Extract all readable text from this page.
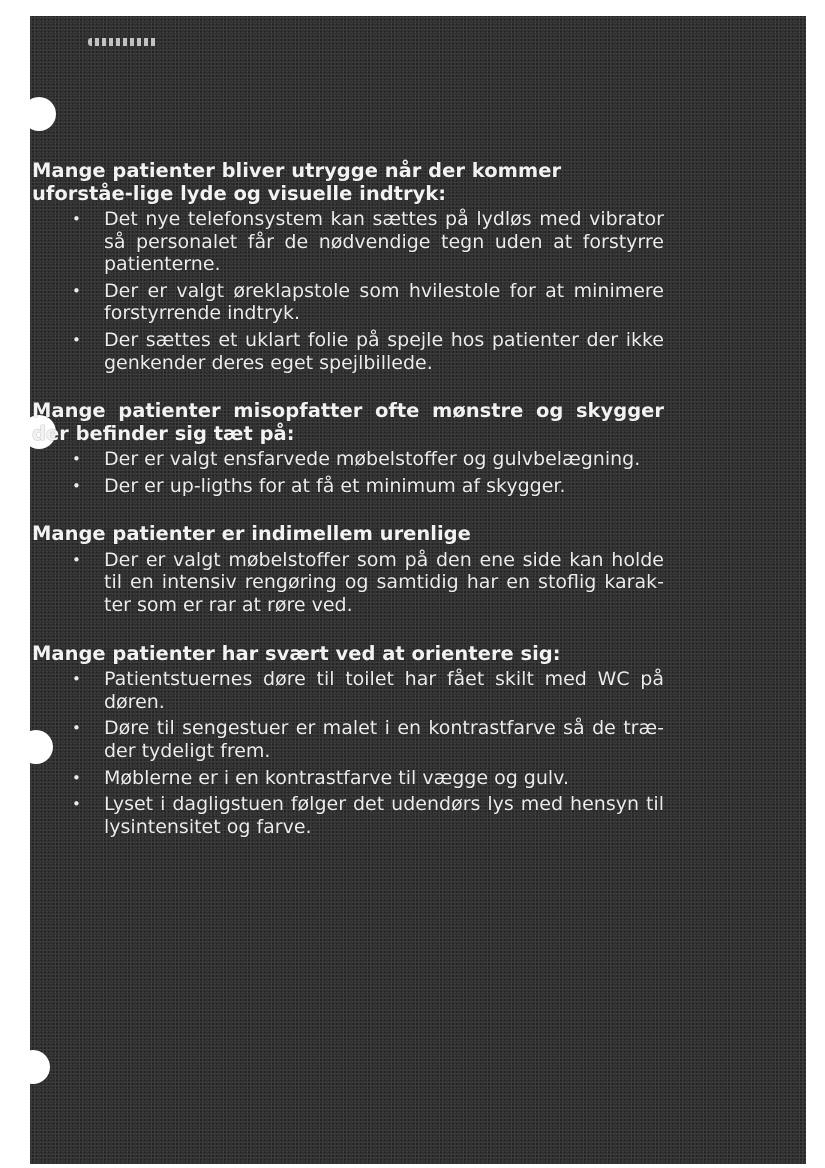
Mange patienter bliver utrygge når der kommer uforståe-lige lyde og visuelle indtryk:

•	Det nye telefonsystem kan sættes på lydløs med vibrator så personalet får de nødvendige tegn uden at forstyrre patienterne.
•	Der er valgt øreklapstole som hvilestole for at minimere forstyrrende indtryk.
•	Der sættes et uklart folie på spejle hos patienter der ikke genkender deres eget spejlbillede.

Mange patienter misopfatter ofte mønstre og skygger der befinder sig tæt på:

•	Der er valgt ensfarvede møbelstoffer og gulvbelægning.
•	Der er up-ligths for at få et minimum af skygger.

Mange patienter er indimellem urenlige

•	Der er valgt møbelstoffer som på den ene side kan holde til en intensiv rengøring og samtidig har en stoflig karak-ter som er rar at røre ved.

Mange patienter har svært ved at orientere sig:

•	Patientstuernes døre til toilet har fået skilt med WC på døren.
•	Døre til sengestuer er malet i en kontrastfarve så de træ-der tydeligt frem.
•	Møblerne er i en kontrastfarve til vægge og gulv.
•	Lyset i dagligstuen følger det udendørs lys med hensyn til lysintensitet og farve.
